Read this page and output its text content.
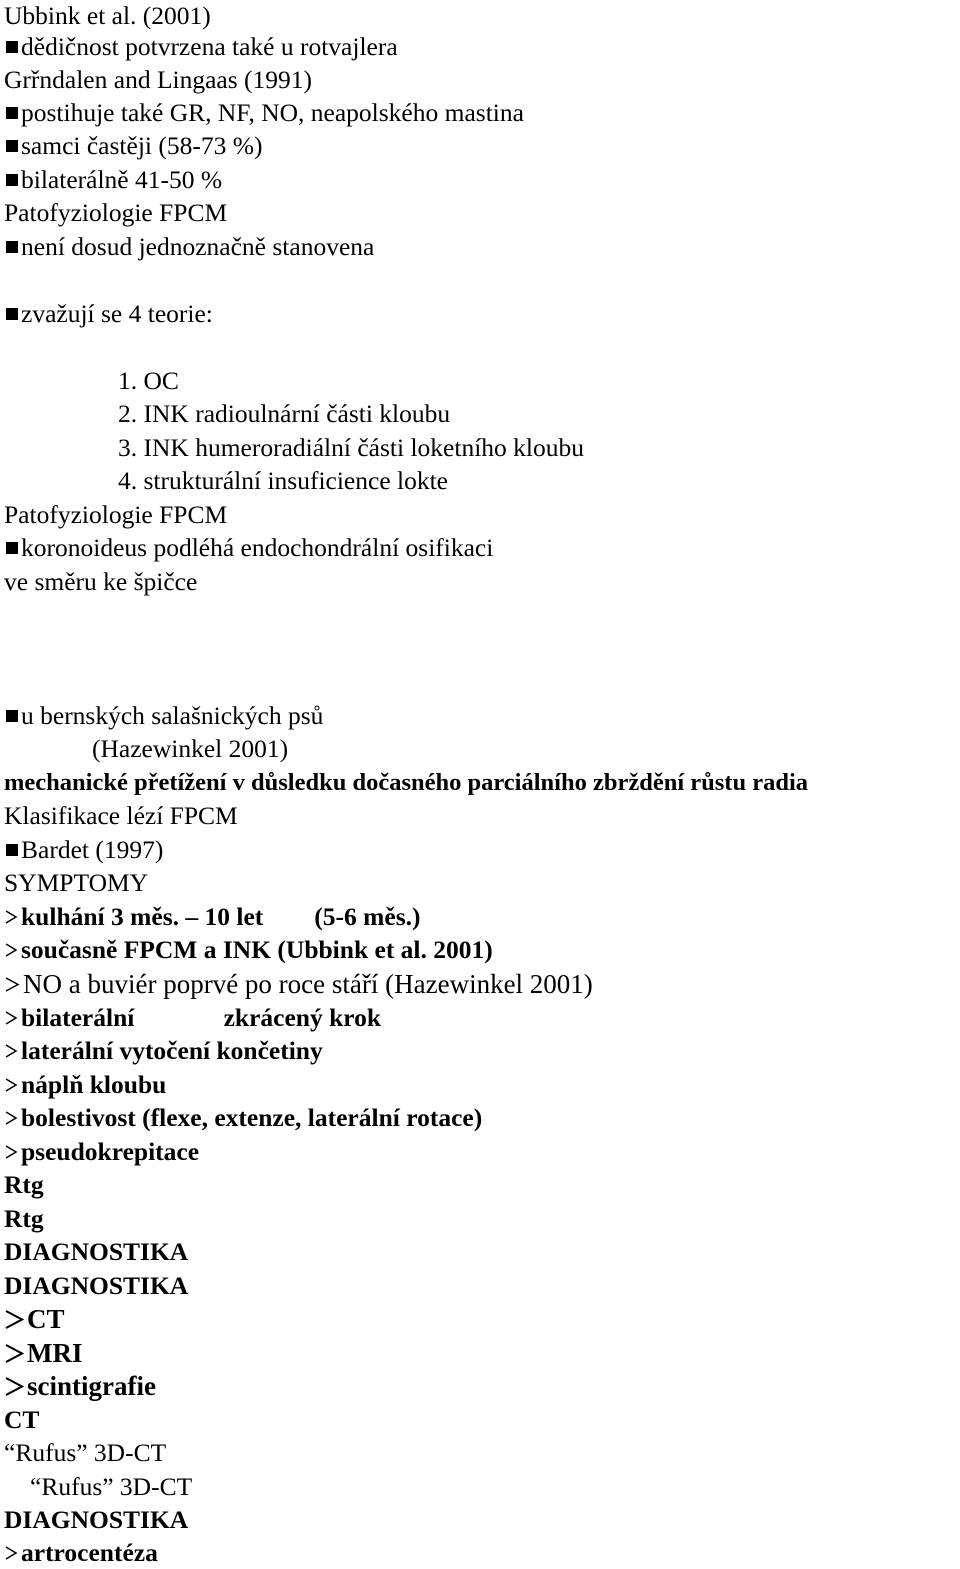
Ubbink et al. (2001)
dědičnost potvrzena také u rotvajlera
Grřndalen and Lingaas (1991)
postihuje také GR, NF, NO, neapolského mastina
samci častěji (58-73 %)
bilaterálně 41-50 %
Patofyziologie FPCM
není dosud jednoznačně stanovena
zvažují se 4 teorie:
1. OC
2. INK radioulnární části kloubu
3. INK humeroradiální části loketního kloubu
4. strukturální insuficience lokte
Patofyziologie FPCM
koronoideus podléhá endochondrální osifikaci
ve směru ke špičce
u bernských salašnických psů
(Hazewinkel 2001)
mechanické přetížení v důsledku dočasného parciálního zbrždění růstu radia
Klasifikace lézí FPCM
Bardet (1997)
SYMPTOMY
kulhání 3 měs. – 10 let        (5-6 měs.)
současně FPCM a INK (Ubbink et al. 2001)
NO a buviér poprvé po roce stáří (Hazewinkel 2001)
bilaterální              zkrácený krok
laterální vytočení končetiny
náplň kloubu
bolestivost (flexe, extenze, laterální rotace)
pseudokrepitace
Rtg
Rtg
DIAGNOSTIKA
DIAGNOSTIKA
CT
MRI
scintigrafie
CT
“Rufus” 3D-CT
“Rufus” 3D-CT
DIAGNOSTIKA
artrocentéza
